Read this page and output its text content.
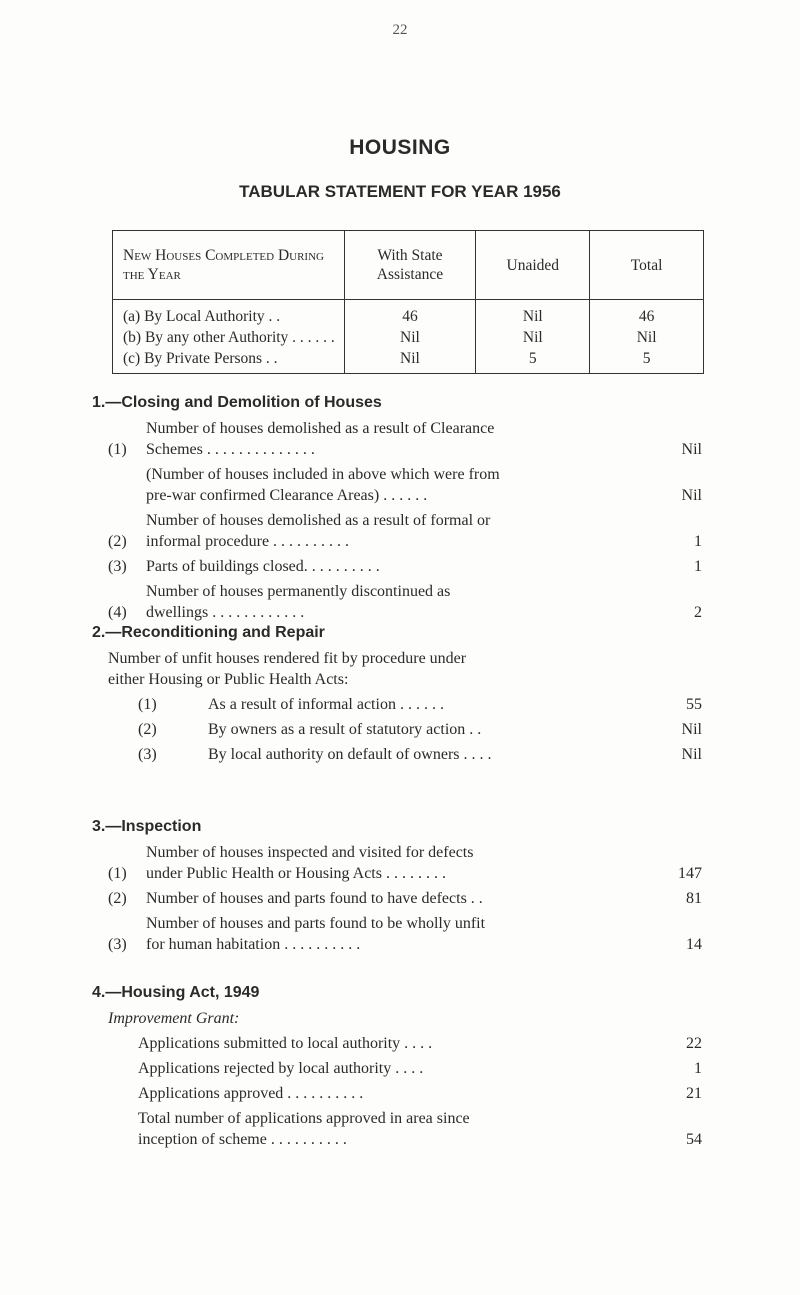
22
HOUSING
TABULAR STATEMENT FOR YEAR 1956
New Houses Completed During the Year	With State Assistance	Unaided	Total
(a) By Local Authority . .	46	Nil	46
(b) By any other Authority . . . . . .	Nil	Nil	Nil
(c) By Private Persons . .	Nil	5	5
1.—Closing and Demolition of Houses
(1)
Number of houses demolished as a result of Clearance
Schemes . . . . . . . . . . . . . .	Nil
(Number of houses included in above which were from
pre-war confirmed Clearance Areas) . . . . . .	Nil
(2)
Number of houses demolished as a result of formal or
informal procedure . . . . . . . . . .	1
(3)	Parts of buildings closed. . . . . . . . . .	1
(4)
Number of houses permanently discontinued as
dwellings . . . . . . . . . . . .	2
2.—Reconditioning and Repair
Number of unfit houses rendered fit by procedure under
either Housing or Public Health Acts:
(1)	As a result of informal action . . . . . .	55
(2)	By owners as a result of statutory action . .	Nil
(3)	By local authority on default of owners . . . .	Nil
3.—Inspection
(1)
Number of houses inspected and visited for defects
under Public Health or Housing Acts . . . . . . . .	147
(2)	Number of houses and parts found to have defects . .	81
(3)
Number of houses and parts found to be wholly unfit
for human habitation . . . . . . . . . .	14
4.—Housing Act, 1949
Improvement Grant:
Applications submitted to local authority . . . .	22
Applications rejected by local authority . . . .	1
Applications approved . . . . . . . . . .	21
Total number of applications approved in area since
inception of scheme . . . . . . . . . .	54
